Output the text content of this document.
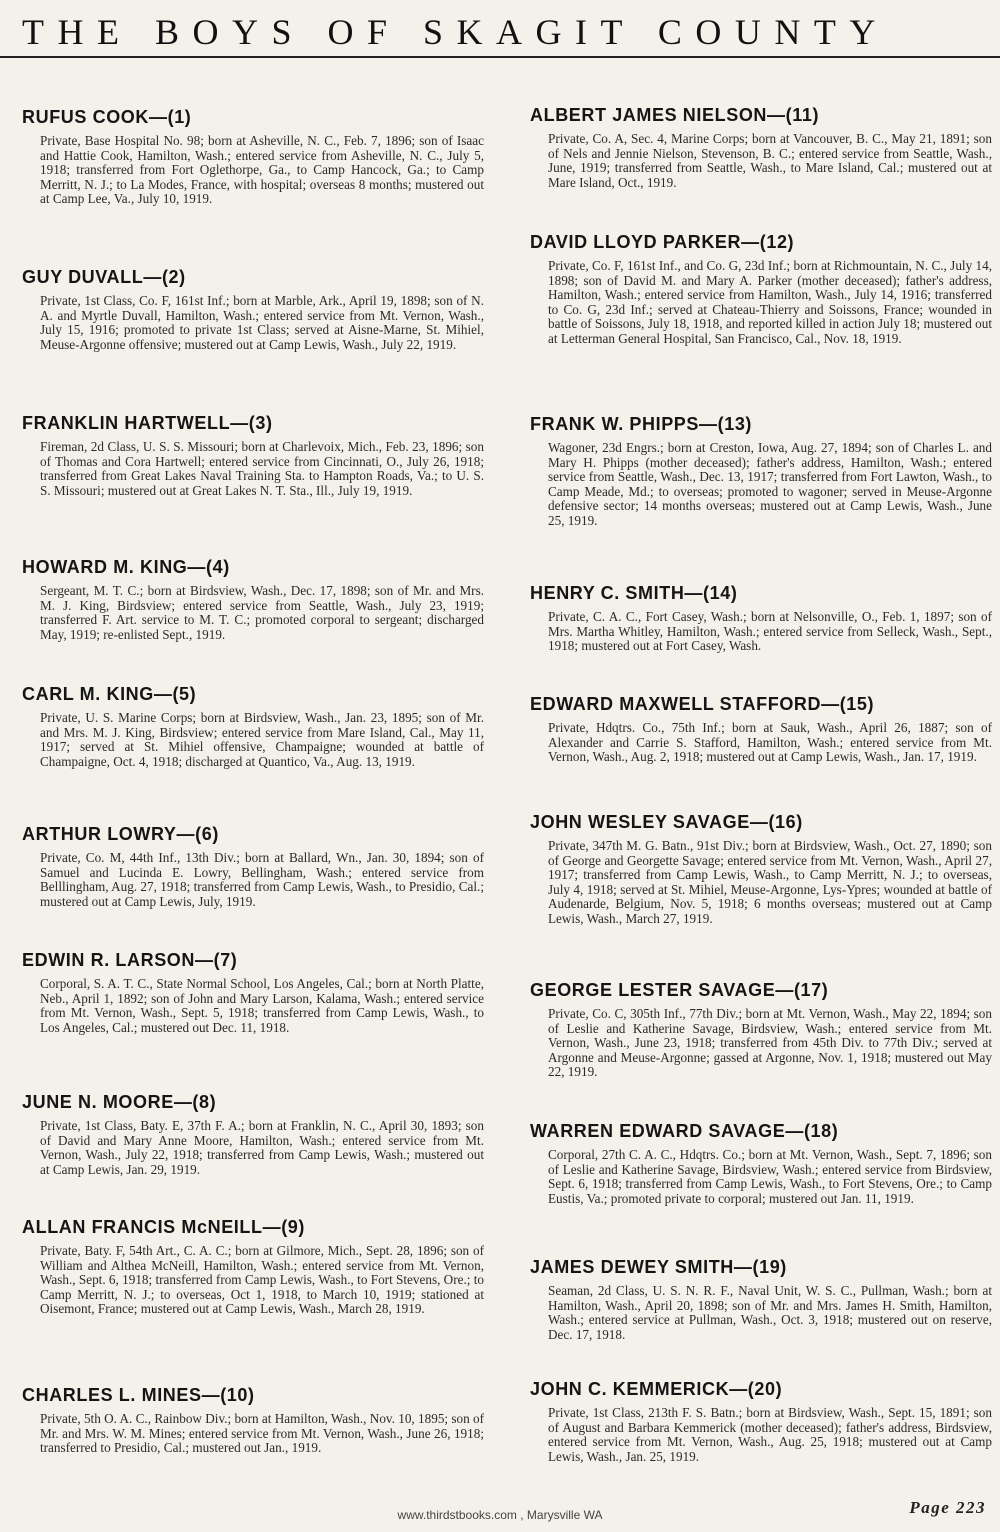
THE BOYS OF SKAGIT COUNTY
RUFUS COOK—(1)
Private, Base Hospital No. 98; born at Asheville, N. C., Feb. 7, 1896; son of Isaac and Hattie Cook, Hamilton, Wash.; entered service from Asheville, N. C., July 5, 1918; transferred from Fort Oglethorpe, Ga., to Camp Hancock, Ga.; to Camp Merritt, N. J.; to La Modes, France, with hospital; overseas 8 months; mustered out at Camp Lee, Va., July 10, 1919.
GUY DUVALL—(2)
Private, 1st Class, Co. F, 161st Inf.; born at Marble, Ark., April 19, 1898; son of N. A. and Myrtle Duvall, Hamilton, Wash.; entered service from Mt. Vernon, Wash., July 15, 1916; promoted to private 1st Class; served at Aisne-Marne, St. Mihiel, Meuse-Argonne offensive; mustered out at Camp Lewis, Wash., July 22, 1919.
FRANKLIN HARTWELL—(3)
Fireman, 2d Class, U. S. S. Missouri; born at Charlevoix, Mich., Feb. 23, 1896; son of Thomas and Cora Hartwell; entered service from Cincinnati, O., July 26, 1918; transferred from Great Lakes Naval Training Sta. to Hampton Roads, Va.; to U. S. S. Missouri; mustered out at Great Lakes N. T. Sta., Ill., July 19, 1919.
HOWARD M. KING—(4)
Sergeant, M. T. C.; born at Birdsview, Wash., Dec. 17, 1898; son of Mr. and Mrs. M. J. King, Birdsview; entered service from Seattle, Wash., July 23, 1919; transferred F. Art. service to M. T. C.; promoted corporal to sergeant; discharged May, 1919; re-enlisted Sept., 1919.
CARL M. KING—(5)
Private, U. S. Marine Corps; born at Birdsview, Wash., Jan. 23, 1895; son of Mr. and Mrs. M. J. King, Birdsview; entered service from Mare Island, Cal., May 11, 1917; served at St. Mihiel offensive, Champaigne; wounded at battle of Champaigne, Oct. 4, 1918; discharged at Quantico, Va., Aug. 13, 1919.
ARTHUR LOWRY—(6)
Private, Co. M, 44th Inf., 13th Div.; born at Ballard, Wn., Jan. 30, 1894; son of Samuel and Lucinda E. Lowry, Bellingham, Wash.; entered service from Belllingham, Aug. 27, 1918; transferred from Camp Lewis, Wash., to Presidio, Cal.; mustered out at Camp Lewis, July, 1919.
EDWIN R. LARSON—(7)
Corporal, S. A. T. C., State Normal School, Los Angeles, Cal.; born at North Platte, Neb., April 1, 1892; son of John and Mary Larson, Kalama, Wash.; entered service from Mt. Vernon, Wash., Sept. 5, 1918; transferred from Camp Lewis, Wash., to Los Angeles, Cal.; mustered out Dec. 11, 1918.
JUNE N. MOORE—(8)
Private, 1st Class, Baty. E, 37th F. A.; born at Franklin, N. C., April 30, 1893; son of David and Mary Anne Moore, Hamilton, Wash.; entered service from Mt. Vernon, Wash., July 22, 1918; transferred from Camp Lewis, Wash.; mustered out at Camp Lewis, Jan. 29, 1919.
ALLAN FRANCIS McNEILL—(9)
Private, Baty. F, 54th Art., C. A. C.; born at Gilmore, Mich., Sept. 28, 1896; son of William and Althea McNeill, Hamilton, Wash.; entered service from Mt. Vernon, Wash., Sept. 6, 1918; transferred from Camp Lewis, Wash., to Fort Stevens, Ore.; to Camp Merritt, N. J.; to overseas, Oct 1, 1918, to March 10, 1919; stationed at Oisemont, France; mustered out at Camp Lewis, Wash., March 28, 1919.
CHARLES L. MINES—(10)
Private, 5th O. A. C., Rainbow Div.; born at Hamilton, Wash., Nov. 10, 1895; son of Mr. and Mrs. W. M. Mines; entered service from Mt. Vernon, Wash., June 26, 1918; transferred to Presidio, Cal.; mustered out Jan., 1919.
ALBERT JAMES NIELSON—(11)
Private, Co. A, Sec. 4, Marine Corps; born at Vancouver, B. C., May 21, 1891; son of Nels and Jennie Nielson, Stevenson, B. C.; entered service from Seattle, Wash., June, 1919; transferred from Seattle, Wash., to Mare Island, Cal.; mustered out at Mare Island, Oct., 1919.
DAVID LLOYD PARKER—(12)
Private, Co. F, 161st Inf., and Co. G, 23d Inf.; born at Richmountain, N. C., July 14, 1898; son of David M. and Mary A. Parker (mother deceased); father's address, Hamilton, Wash.; entered service from Hamilton, Wash., July 14, 1916; transferred to Co. G, 23d Inf.; served at Chateau-Thierry and Soissons, France; wounded in battle of Soissons, July 18, 1918, and reported killed in action July 18; mustered out at Letterman General Hospital, San Francisco, Cal., Nov. 18, 1919.
FRANK W. PHIPPS—(13)
Wagoner, 23d Engrs.; born at Creston, Iowa, Aug. 27, 1894; son of Charles L. and Mary H. Phipps (mother deceased); father's address, Hamilton, Wash.; entered service from Seattle, Wash., Dec. 13, 1917; transferred from Fort Lawton, Wash., to Camp Meade, Md.; to overseas; promoted to wagoner; served in Meuse-Argonne defensive sector; 14 months overseas; mustered out at Camp Lewis, Wash., June 25, 1919.
HENRY C. SMITH—(14)
Private, C. A. C., Fort Casey, Wash.; born at Nelsonville, O., Feb. 1, 1897; son of Mrs. Martha Whitley, Hamilton, Wash.; entered service from Selleck, Wash., Sept., 1918; mustered out at Fort Casey, Wash.
EDWARD MAXWELL STAFFORD—(15)
Private, Hdqtrs. Co., 75th Inf.; born at Sauk, Wash., April 26, 1887; son of Alexander and Carrie S. Stafford, Hamilton, Wash.; entered service from Mt. Vernon, Wash., Aug. 2, 1918; mustered out at Camp Lewis, Wash., Jan. 17, 1919.
JOHN WESLEY SAVAGE—(16)
Private, 347th M. G. Batn., 91st Div.; born at Birdsview, Wash., Oct. 27, 1890; son of George and Georgette Savage; entered service from Mt. Vernon, Wash., April 27, 1917; transferred from Camp Lewis, Wash., to Camp Merritt, N. J.; to overseas, July 4, 1918; served at St. Mihiel, Meuse-Argonne, Lys-Ypres; wounded at battle of Audenarde, Belgium, Nov. 5, 1918; 6 months overseas; mustered out at Camp Lewis, Wash., March 27, 1919.
GEORGE LESTER SAVAGE—(17)
Private, Co. C, 305th Inf., 77th Div.; born at Mt. Vernon, Wash., May 22, 1894; son of Leslie and Katherine Savage, Birdsview, Wash.; entered service from Mt. Vernon, Wash., June 23, 1918; transferred from 45th Div. to 77th Div.; served at Argonne and Meuse-Argonne; gassed at Argonne, Nov. 1, 1918; mustered out May 22, 1919.
WARREN EDWARD SAVAGE—(18)
Corporal, 27th C. A. C., Hdqtrs. Co.; born at Mt. Vernon, Wash., Sept. 7, 1896; son of Leslie and Katherine Savage, Birdsview, Wash.; entered service from Birdsview, Sept. 6, 1918; transferred from Camp Lewis, Wash., to Fort Stevens, Ore.; to Camp Eustis, Va.; promoted private to corporal; mustered out Jan. 11, 1919.
JAMES DEWEY SMITH—(19)
Seaman, 2d Class, U. S. N. R. F., Naval Unit, W. S. C., Pullman, Wash.; born at Hamilton, Wash., April 20, 1898; son of Mr. and Mrs. James H. Smith, Hamilton, Wash.; entered service at Pullman, Wash., Oct. 3, 1918; mustered out on reserve, Dec. 17, 1918.
JOHN C. KEMMERICK—(20)
Private, 1st Class, 213th F. S. Batn.; born at Birdsview, Wash., Sept. 15, 1891; son of August and Barbara Kemmerick (mother deceased); father's address, Birdsview, entered service from Mt. Vernon, Wash., Aug. 25, 1918; mustered out at Camp Lewis, Wash., Jan. 25, 1919.
www.thirdstbooks.com , Marysville WA	Page 223
